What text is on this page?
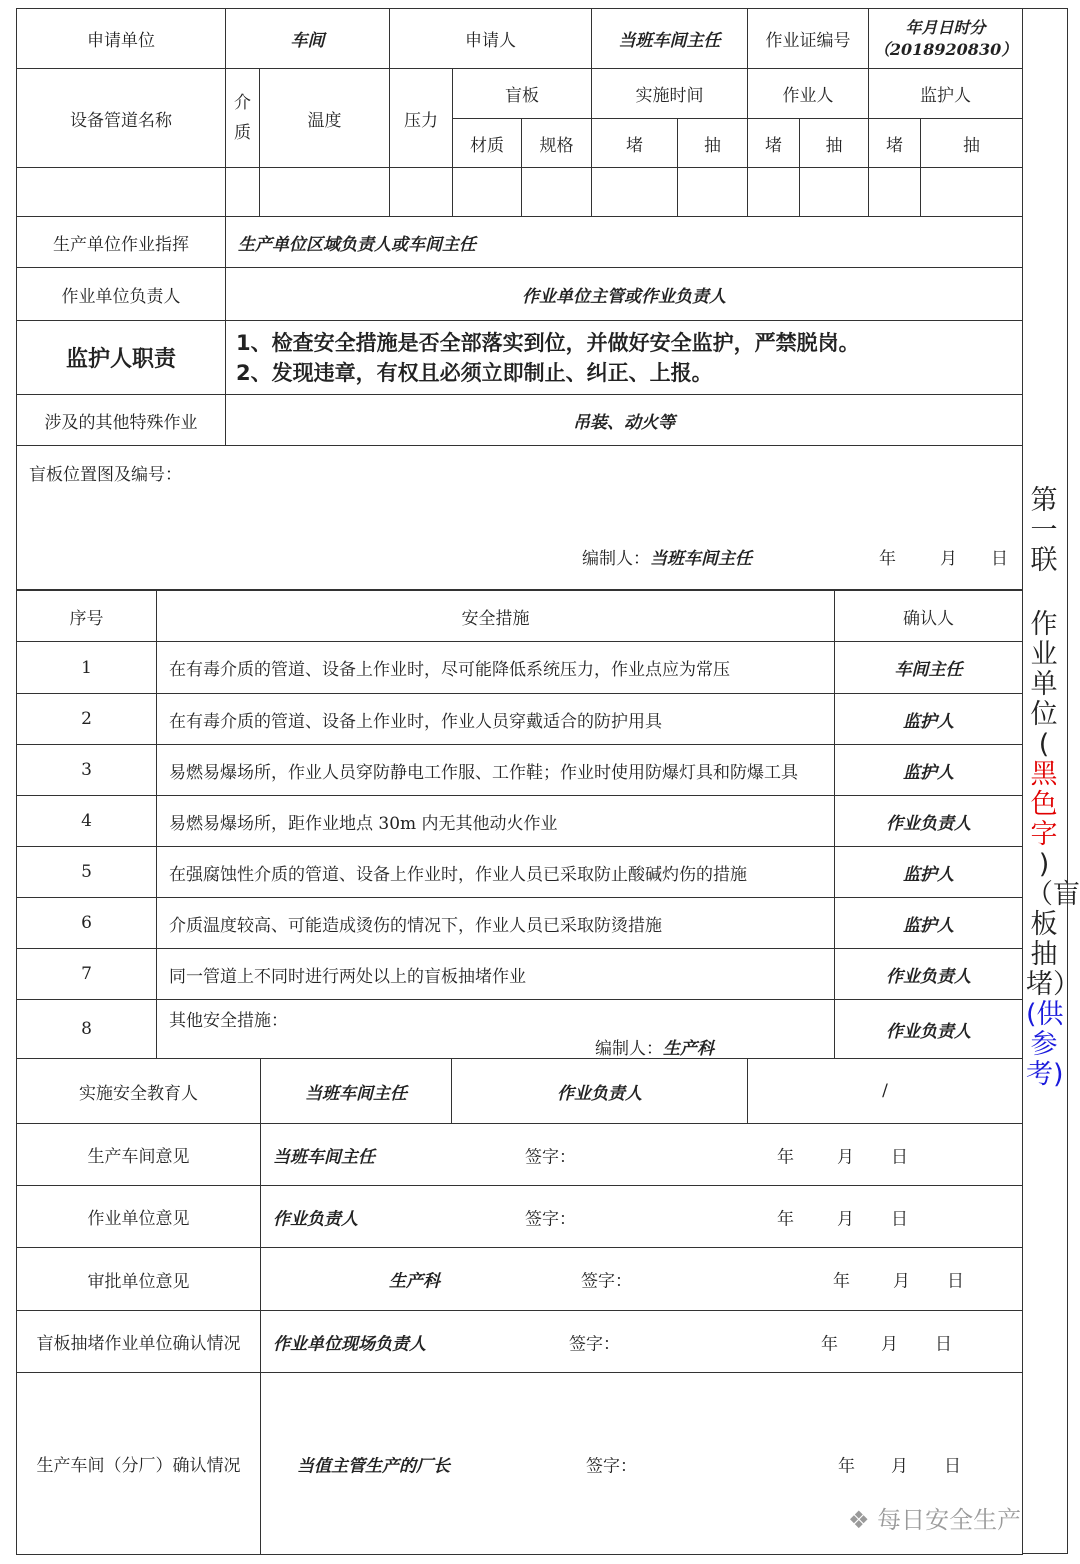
申请单位	车间		申请人			当班车间主任		作业证编号		年月日时分
（2018920830）	

设备管道名称	介质	温度	压力	盲板		实施时间		作业人		监护人	
				材质	规格	堵	抽	堵	抽	堵	抽

生产单位作业指挥	生产单位区域负责人或车间主任										
作业单位负责人	作业单位主管或作业负责人										
监护人职责	1、检查安全措施是否全部落实到位，并做好安全监护，严禁脱岗。
2、发现违章，有权且必须立即制止、纠正、上报。										

涉及的其他特殊作业	吊装、动火等										

盲板位置图及编号：
编制人：当班车间主任 年 月 日											
序号	安全措施	确认人
1	在有毒介质的管道、设备上作业时，尽可能降低系统压力，作业点应为常压	车间主任
2	在有毒介质的管道、设备上作业时，作业人员穿戴适合的防护用具	监护人
3	易燃易爆场所，作业人员穿防静电工作服、工作鞋；作业时使用防爆灯具和防爆工具	监护人
4	易燃易爆场所，距作业地点 30m 内无其他动火作业	作业负责人
5	在强腐蚀性介质的管道、设备上作业时，作业人员已采取防止酸碱灼伤的措施	监护人
6	介质温度较高、可能造成烫伤的情况下，作业人员已采取防烫措施	监护人
7	同一管道上不同时进行两处以上的盲板抽堵作业	作业负责人
8	其他安全措施：
编制人：生产科	作业负责人
实施安全教育人	当班车间主任	作业负责人	/
生产车间意见	当班车间主任 签字： 年 月 日		

作业单位意见	作业负责人 签字： 年 月 日		

审批单位意见	生产科 签字： 年 月 日		

盲板抽堵作业单位确认情况	作业单位现场负责人 签字： 年 月 日		

生产车间（分厂）确认情况	当值主管生产的厂长 签字： 年 月 日		
第一联
作业单位
(
黑色字
)
（盲板抽堵）
(供参考)
❖ 每日安全生产
